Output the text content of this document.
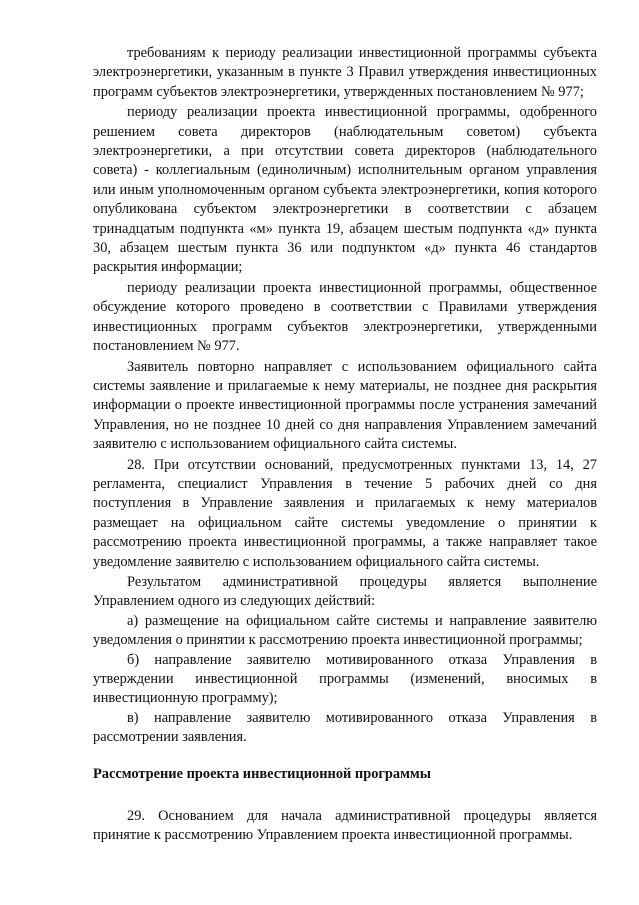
требованиям к периоду реализации инвестиционной программы субъекта электроэнергетики, указанным в пункте 3 Правил утверждения инвестиционных программ субъектов электроэнергетики, утвержденных постановлением № 977;

периоду реализации проекта инвестиционной программы, одобренного решением совета директоров (наблюдательным советом) субъекта электроэнергетики, а при отсутствии совета директоров (наблюдательного совета) - коллегиальным (единоличным) исполнительным органом управления или иным уполномоченным органом субъекта электроэнергетики, копия которого опубликована субъектом электроэнергетики в соответствии с абзацем тринадцатым подпункта «м» пункта 19, абзацем шестым подпункта «д» пункта 30, абзацем шестым пункта 36 или подпунктом «д» пункта 46 стандартов раскрытия информации;

периоду реализации проекта инвестиционной программы, общественное обсуждение которого проведено в соответствии с Правилами утверждения инвестиционных программ субъектов электроэнергетики, утвержденными постановлением № 977.

Заявитель повторно направляет с использованием официального сайта системы заявление и прилагаемые к нему материалы, не позднее дня раскрытия информации о проекте инвестиционной программы после устранения замечаний Управления, но не позднее 10 дней со дня направления Управлением замечаний заявителю с использованием официального сайта системы.

28. При отсутствии оснований, предусмотренных пунктами 13, 14, 27 регламента, специалист Управления в течение 5 рабочих дней со дня поступления в Управление заявления и прилагаемых к нему материалов размещает на официальном сайте системы уведомление о принятии к рассмотрению проекта инвестиционной программы, а также направляет такое уведомление заявителю с использованием официального сайта системы.

Результатом административной процедуры является выполнение Управлением одного из следующих действий:

а) размещение на официальном сайте системы и направление заявителю уведомления о принятии к рассмотрению проекта инвестиционной программы;

б) направление заявителю мотивированного отказа Управления в утверждении инвестиционной программы (изменений, вносимых в инвестиционную программу);

в) направление заявителю мотивированного отказа Управления в рассмотрении заявления.

Рассмотрение проекта инвестиционной программы

29. Основанием для начала административной процедуры является принятие к рассмотрению Управлением проекта инвестиционной программы.
